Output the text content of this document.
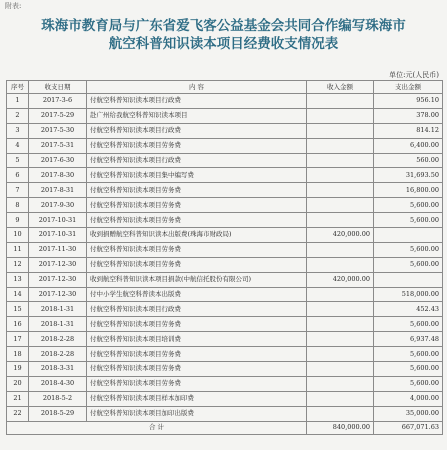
附表:
珠海市教育局与广东省爱飞客公益基金会共同合作编写珠海市
航空科普知识读本项目经费收支情况表
单位:元(人民币)
序号	收支日期	内 容	收入金额	支出金额
1	2017-3-6	付航空科普知识读本项目行政费		956.10
2	2017-5-29	赴广州给我航空科普知识读本项目		378.00
3	2017-5-30	付航空科普知识读本项目行政费		814.12
4	2017-5-31	付航空科普知识读本项目劳务费		6,400.00
5	2017-6-30	付航空科普知识读本项目行政费		560.00
6	2017-8-30	付航空科普知识读本项目集中编写费		31,693.50
7	2017-8-31	付航空科普知识读本项目劳务费		16,800.00
8	2017-9-30	付航空科普知识读本项目劳务费		5,600.00
9	2017-10-31	付航空科普知识读本项目劳务费		5,600.00
10	2017-10-31	收到捐赠航空科普知识读本出版费(珠海市财政局)	420,000.00	
11	2017-11-30	付航空科普知识读本项目劳务费		5,600.00
12	2017-12-30	付航空科普知识读本项目劳务费		5,600.00
13	2017-12-30	收到航空科普知识读本项目捐款(中航信托股份有限公司)	420,000.00	
14	2017-12-30	付中小学生航空科普读本出版费		518,000.00
15	2018-1-31	付航空科普知识读本项目行政费		452.43
16	2018-1-31	付航空科普知识读本项目劳务费		5,600.00
17	2018-2-28	付航空科普知识读本项目培训费		6,937.48
18	2018-2-28	付航空科普知识读本项目劳务费		5,600.00
19	2018-3-31	付航空科普知识读本项目劳务费		5,600.00
20	2018-4-30	付航空科普知识读本项目劳务费		5,600.00
21	2018-5-2	付航空科普知识读本项目样本加印费		4,000.00
22	2018-5-29	付航空科普知识读本项目加印出版费		35,000.00
合 计			840,000.00	667,071.63
